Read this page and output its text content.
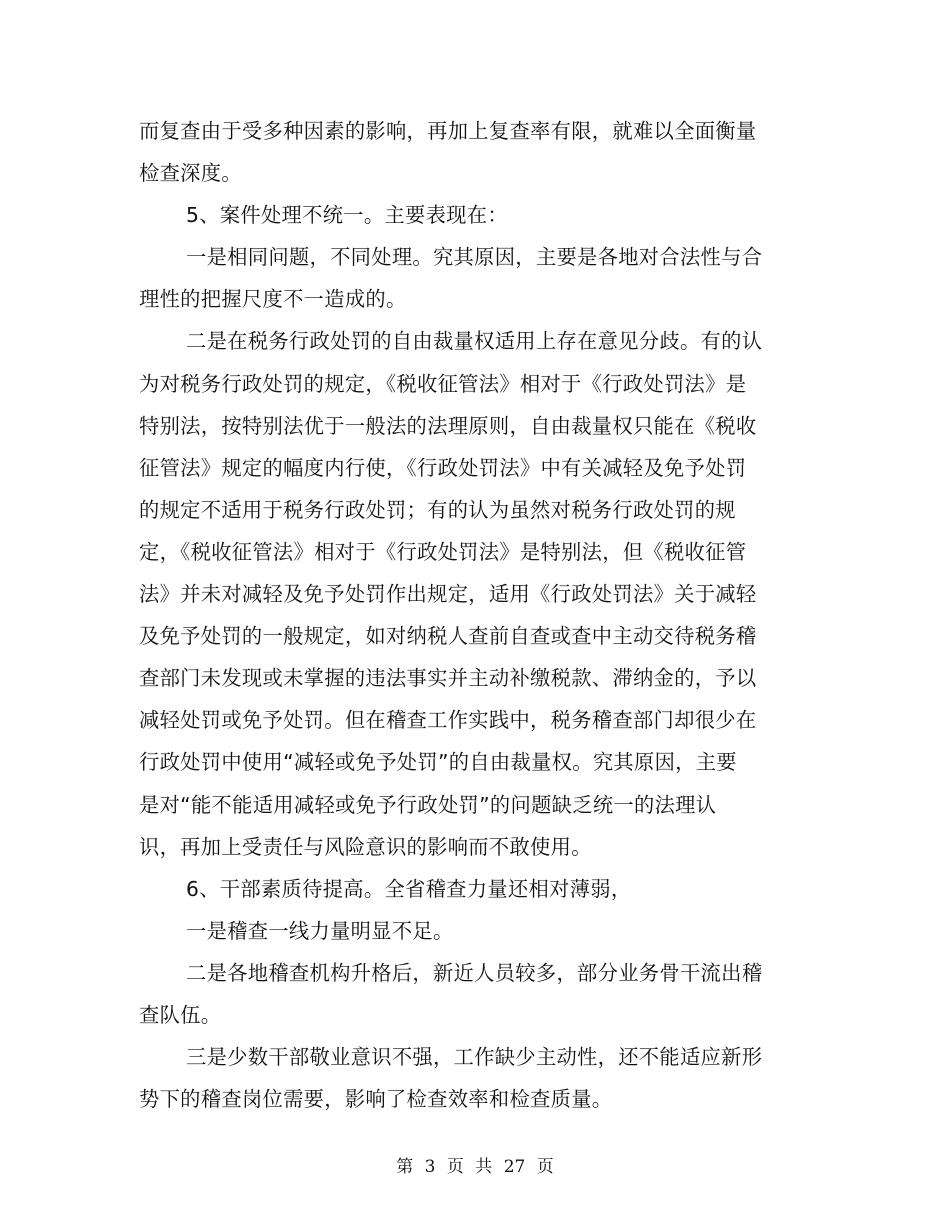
而复查由于受多种因素的影响，再加上复查率有限，就难以全面衡量
检查深度。
5、案件处理不统一。主要表现在：
一是相同问题，不同处理。究其原因，主要是各地对合法性与合
理性的把握尺度不一造成的。
二是在税务行政处罚的自由裁量权适用上存在意见分歧。有的认
为对税务行政处罚的规定，《税收征管法》相对于《行政处罚法》是
特别法，按特别法优于一般法的法理原则，自由裁量权只能在《税收
征管法》规定的幅度内行使，《行政处罚法》中有关减轻及免予处罚
的规定不适用于税务行政处罚；有的认为虽然对税务行政处罚的规
定，《税收征管法》相对于《行政处罚法》是特别法，但《税收征管
法》并未对减轻及免予处罚作出规定，适用《行政处罚法》关于减轻
及免予处罚的一般规定，如对纳税人查前自查或查中主动交待税务稽
查部门未发现或未掌握的违法事实并主动补缴税款、滞纳金的，予以
减轻处罚或免予处罚。但在稽查工作实践中，税务稽查部门却很少在
行政处罚中使用“减轻或免予处罚”的自由裁量权。究其原因，主要
是对“能不能适用减轻或免予行政处罚”的问题缺乏统一的法理认
识，再加上受责任与风险意识的影响而不敢使用。
6、干部素质待提高。全省稽查力量还相对薄弱，
一是稽查一线力量明显不足。
二是各地稽查机构升格后，新近人员较多，部分业务骨干流出稽
查队伍。
三是少数干部敬业意识不强，工作缺少主动性，还不能适应新形
势下的稽查岗位需要，影响了检查效率和检查质量。
第 3 页 共 27 页
